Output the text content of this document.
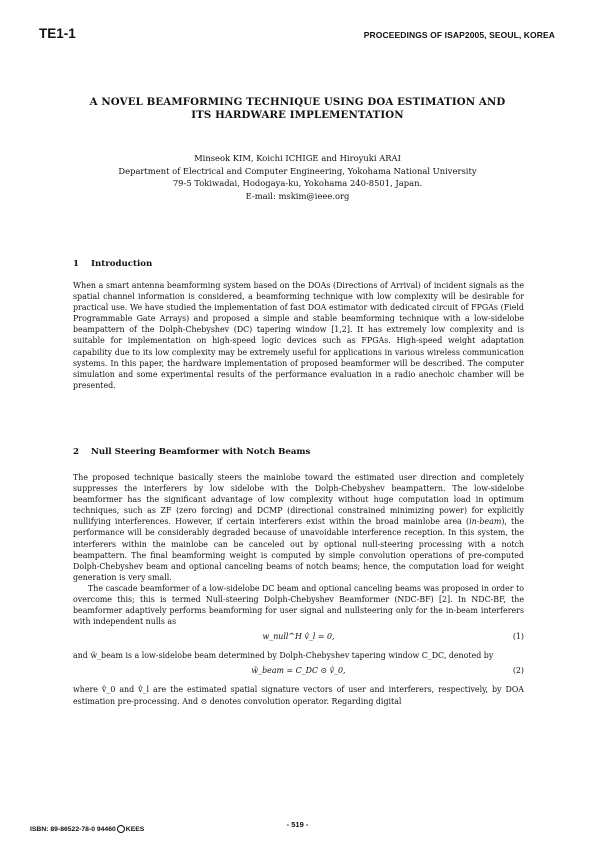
TE1-1	PROCEEDINGS OF ISAP2005, SEOUL, KOREA
A NOVEL BEAMFORMING TECHNIQUE USING DOA ESTIMATION AND
ITS HARDWARE IMPLEMENTATION
Minseok KIM, Koichi ICHIGE and Hiroyuki ARAI
Department of Electrical and Computer Engineering, Yokohama National University
79-5 Tokiwadai, Hodogaya-ku, Yokohama 240-8501, Japan.
E-mail: mskim@ieee.org
1 Introduction

When a smart antenna beamforming system based on the DOAs (Directions of Arrival) of incident signals as the spatial channel information is considered, a beamforming technique with low complexity will be desirable for practical use. We have studied the implementation of fast DOA estimator with dedicated circuit of FPGAs (Field Programmable Gate Arrays) and proposed a simple and stable beamforming technique with a low-sidelobe beampattern of the Dolph-Chebyshev (DC) tapering window [1,2]. It has extremely low complexity and is suitable for implementation on high-speed logic devices such as FPGAs. High-speed weight adaptation capability due to its low complexity may be extremely useful for applications in various wireless communication systems. In this paper, the hardware implementation of proposed beamformer will be described. The computer simulation and some experimental results of the performance evaluation in a radio anechoic chamber will be presented.

2 Null Steering Beamformer with Notch Beams

The proposed technique basically steers the mainlobe toward the estimated user direction and completely suppresses the interferers by low sidelobe with the Dolph-Chebyshev beampattern. The low-sidelobe beamformer has the significant advantage of low complexity without huge computation load in optimum techniques, such as ZF (zero forcing) and DCMP (directional constrained minimizing power) for explicitly nullifying interferences. However, if certain interferers exist within the broad mainlobe area (in-beam), the performance will be considerably degraded because of unavoidable interference reception. In this system, the interferers within the mainlobe can be canceled out by optional null-steering processing with a notch beampattern. The final beamforming weight is computed by simple convolution operations of pre-computed Dolph-Chebyshev beam and optional canceling beams of notch beams; hence, the computation load for weight generation is very small.

The cascade beamformer of a low-sidelobe DC beam and optional canceling beams was proposed in order to overcome this; this is termed Null-steering Dolph-Chebyshev Beamformer (NDC-BF) [2]. In NDC-BF, the beamformer adaptively performs beamforming for user signal and nullsteering only for the in-beam interferers with independent nulls as

w_null^H v̂_l = 0,	(1)

and w̃_beam is a low-sidelobe beam determined by Dolph-Chebyshev tapering window C_DC, denoted by

w̃_beam = C_DC ⊙ v̂_0,	(2)

where v̂_0 and v̂_l are the estimated spatial signature vectors of user and interferers, respectively, by DOA estimation pre-processing. And ⊙ denotes convolution operator. Regarding digital

ISBN: 89-86522-78-0 94460 KEES
- 519 -
